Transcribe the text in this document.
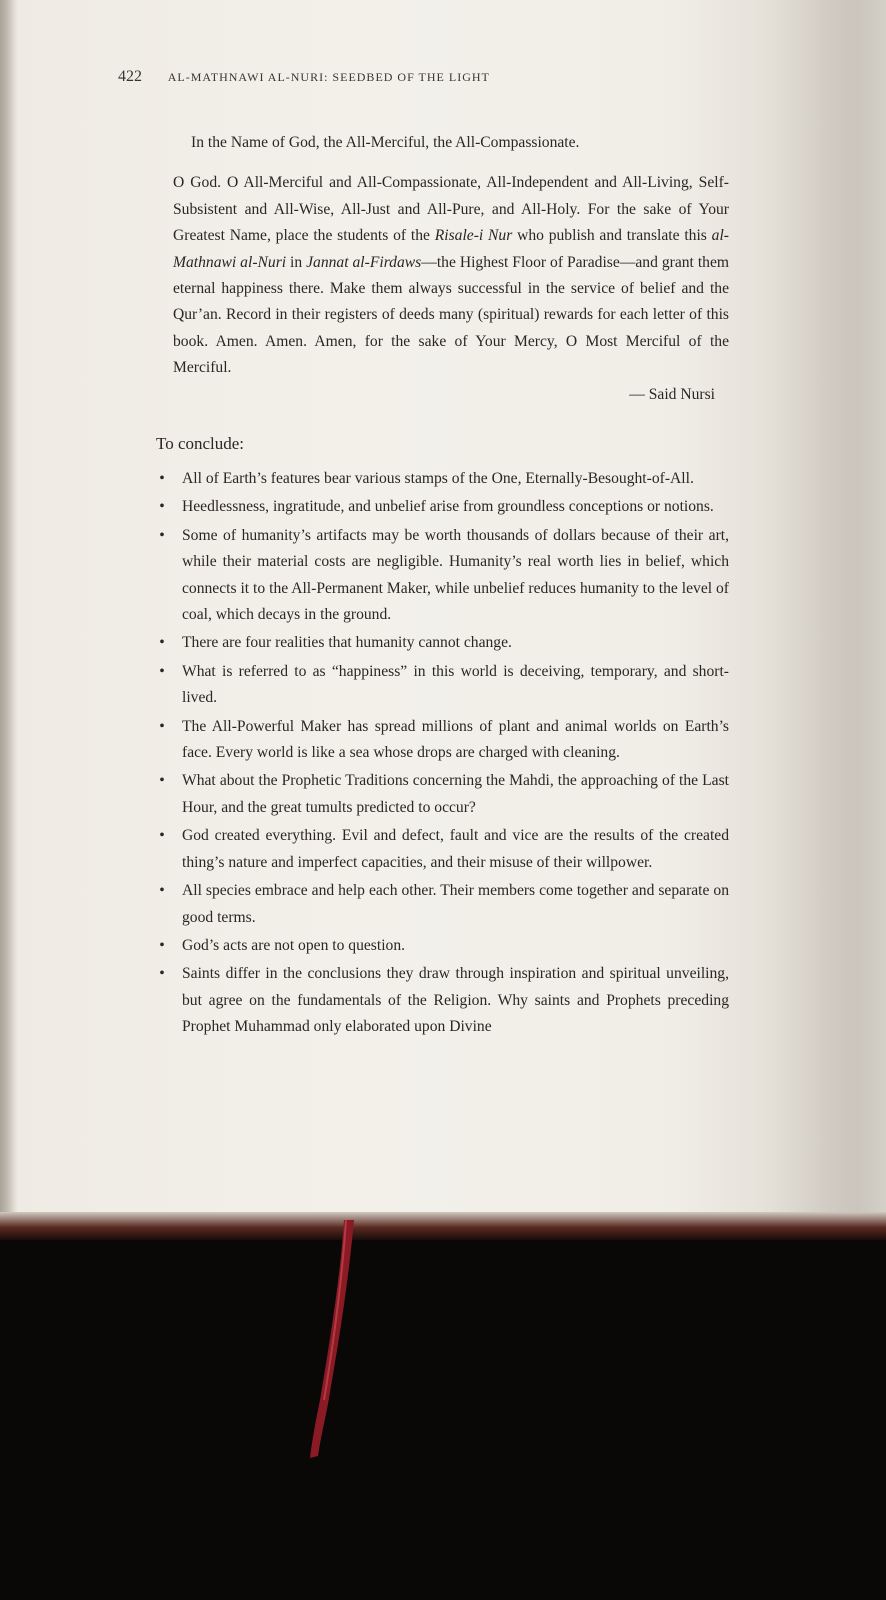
422 AL-MATHNAWI AL-NURI: SEEDBED OF THE LIGHT

In the Name of God, the All-Merciful, the All-Compassionate.

O God. O All-Merciful and All-Compassionate, All-Independent and All-Living, Self-Subsistent and All-Wise, All-Just and All-Pure, and All-Holy. For the sake of Your Greatest Name, place the students of the Risale-i Nur who publish and translate this al-Mathnawi al-Nuri in Jannat al-Firdaws—the Highest Floor of Paradise—and grant them eternal happiness there. Make them always successful in the service of belief and the Qur’an. Record in their registers of deeds many (spiritual) rewards for each letter of this book. Amen. Amen. Amen, for the sake of Your Mercy, O Most Merciful of the Merciful.

— Said Nursi

To conclude:
• All of Earth’s features bear various stamps of the One, Eternally-Besought-of-All.
• Heedlessness, ingratitude, and unbelief arise from groundless conceptions or notions.
• Some of humanity’s artifacts may be worth thousands of dollars because of their art, while their material costs are negligible. Humanity’s real worth lies in belief, which connects it to the All-Permanent Maker, while unbelief reduces humanity to the level of coal, which decays in the ground.
• There are four realities that humanity cannot change.
• What is referred to as “happiness” in this world is deceiving, temporary, and short-lived.
• The All-Powerful Maker has spread millions of plant and animal worlds on Earth’s face. Every world is like a sea whose drops are charged with cleaning.
• What about the Prophetic Traditions concerning the Mahdi, the approaching of the Last Hour, and the great tumults predicted to occur?
• God created everything. Evil and defect, fault and vice are the results of the created thing’s nature and imperfect capacities, and their misuse of their willpower.
• All species embrace and help each other. Their members come together and separate on good terms.
• God’s acts are not open to question.
• Saints differ in the conclusions they draw through inspiration and spiritual unveiling, but agree on the fundamentals of the Religion. Why saints and Prophets preceding Prophet Muhammad only elaborated upon Divine
